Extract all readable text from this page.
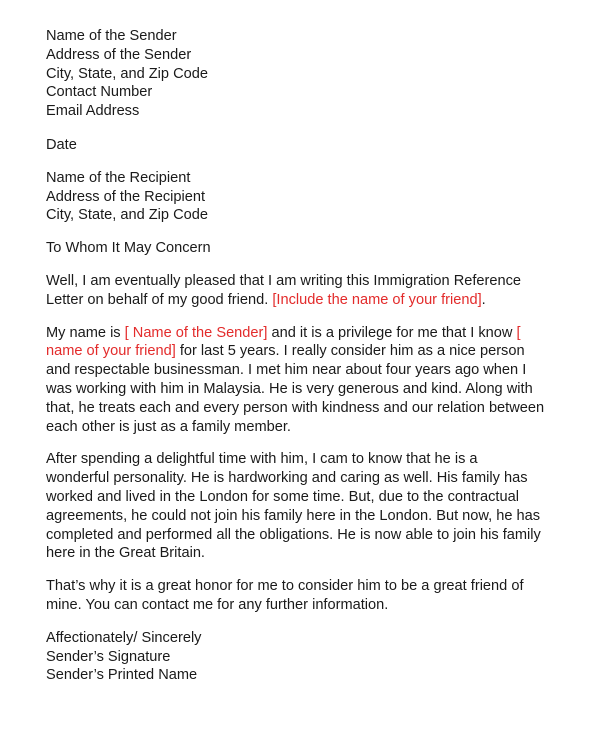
Name of the Sender
Address of the Sender
City, State, and Zip Code
Contact Number
Email Address
Date
Name of the Recipient
Address of the Recipient
City, State, and Zip Code
To Whom It May Concern
Well, I am eventually pleased that I am writing this Immigration Reference
Letter on behalf of my good friend. [Include the name of your friend].
My name is [ Name of the Sender] and it is a privilege for me that I know [
name of your friend] for last 5 years. I really consider him as a nice person
and respectable businessman. I met him near about four years ago when I
was working with him in Malaysia. He is very generous and kind. Along with
that, he treats each and every person with kindness and our relation between
each other is just as a family member.
After spending a delightful time with him, I cam to know that he is a
wonderful personality. He is hardworking and caring as well. His family has
worked and lived in the London for some time. But, due to the contractual
agreements, he could not join his family here in the London. But now, he has
completed and performed all the obligations. He is now able to join his family
here in the Great Britain.
That’s why it is a great honor for me to consider him to be a great friend of
mine. You can contact me for any further information.
Affectionately/ Sincerely
Sender’s Signature
Sender’s Printed Name
